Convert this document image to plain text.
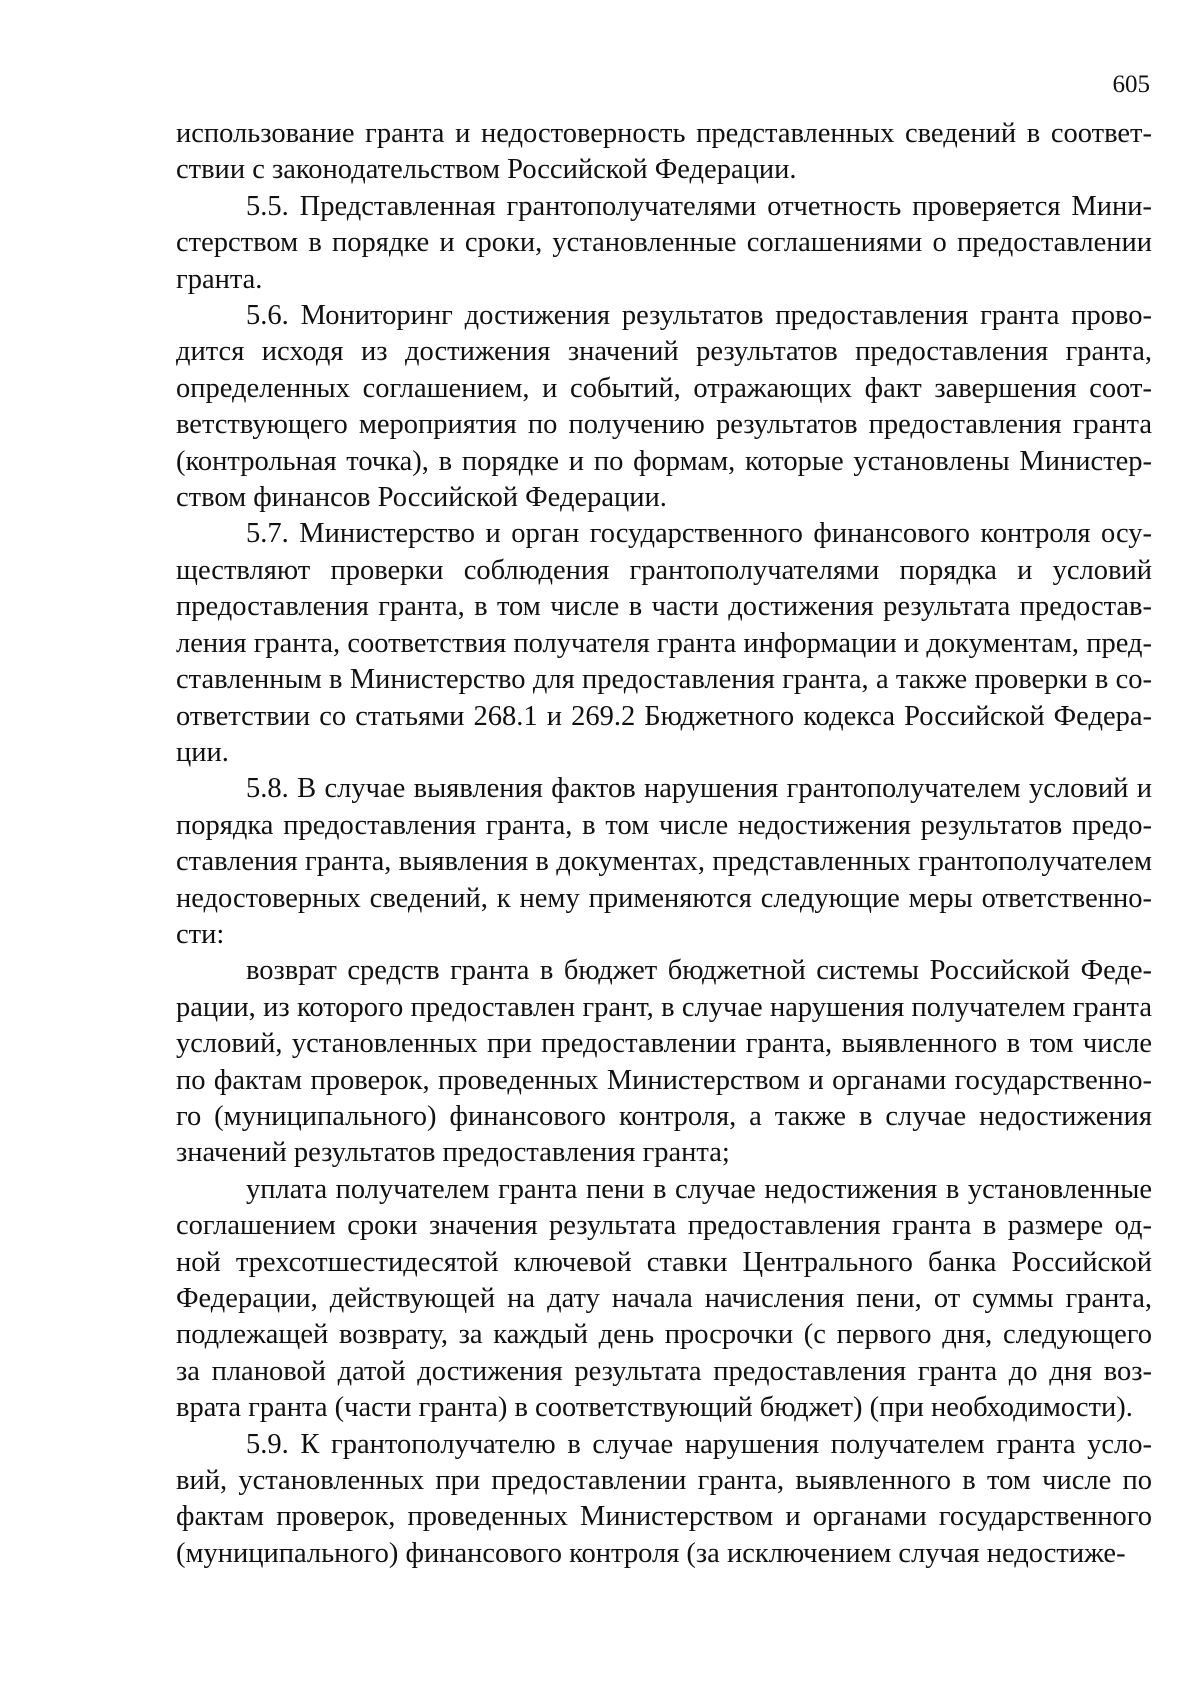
605
использование гранта и недостоверность представленных сведений в соответ-
ствии с законодательством Российской Федерации.
5.5. Представленная грантополучателями отчетность проверяется Мини-
стерством в порядке и сроки, установленные соглашениями о предоставлении
гранта.
5.6. Мониторинг достижения результатов предоставления гранта прово-
дится исходя из достижения значений результатов предоставления гранта,
определенных соглашением, и событий, отражающих факт завершения соот-
ветствующего мероприятия по получению результатов предоставления гранта
(контрольная точка), в порядке и по формам, которые установлены Министер-
ством финансов Российской Федерации.
5.7. Министерство и орган государственного финансового контроля осу-
ществляют проверки соблюдения грантополучателями порядка и условий
предоставления гранта, в том числе в части достижения результата предостав-
ления гранта, соответствия получателя гранта информации и документам, пред-
ставленным в Министерство для предоставления гранта, а также проверки в со-
ответствии со статьями 268.1 и 269.2 Бюджетного кодекса Российской Федера-
ции.
5.8. В случае выявления фактов нарушения грантополучателем условий и
порядка предоставления гранта, в том числе недостижения результатов предо-
ставления гранта, выявления в документах, представленных грантополучателем
недостоверных сведений, к нему применяются следующие меры ответственно-
сти:
возврат средств гранта в бюджет бюджетной системы Российской Феде-
рации, из которого предоставлен грант, в случае нарушения получателем гранта
условий, установленных при предоставлении гранта, выявленного в том числе
по фактам проверок, проведенных Министерством и органами государственно-
го (муниципального) финансового контроля, а также в случае недостижения
значений результатов предоставления гранта;
уплата получателем гранта пени в случае недостижения в установленные
соглашением сроки значения результата предоставления гранта в размере од-
ной трехсотшестидесятой ключевой ставки Центрального банка Российской
Федерации, действующей на дату начала начисления пени, от суммы гранта,
подлежащей возврату, за каждый день просрочки (с первого дня, следующего
за плановой датой достижения результата предоставления гранта до дня воз-
врата гранта (части гранта) в соответствующий бюджет) (при необходимости).
5.9. К грантополучателю в случае нарушения получателем гранта усло-
вий, установленных при предоставлении гранта, выявленного в том числе по
фактам проверок, проведенных Министерством и органами государственного
(муниципального) финансового контроля (за исключением случая недостиже-
